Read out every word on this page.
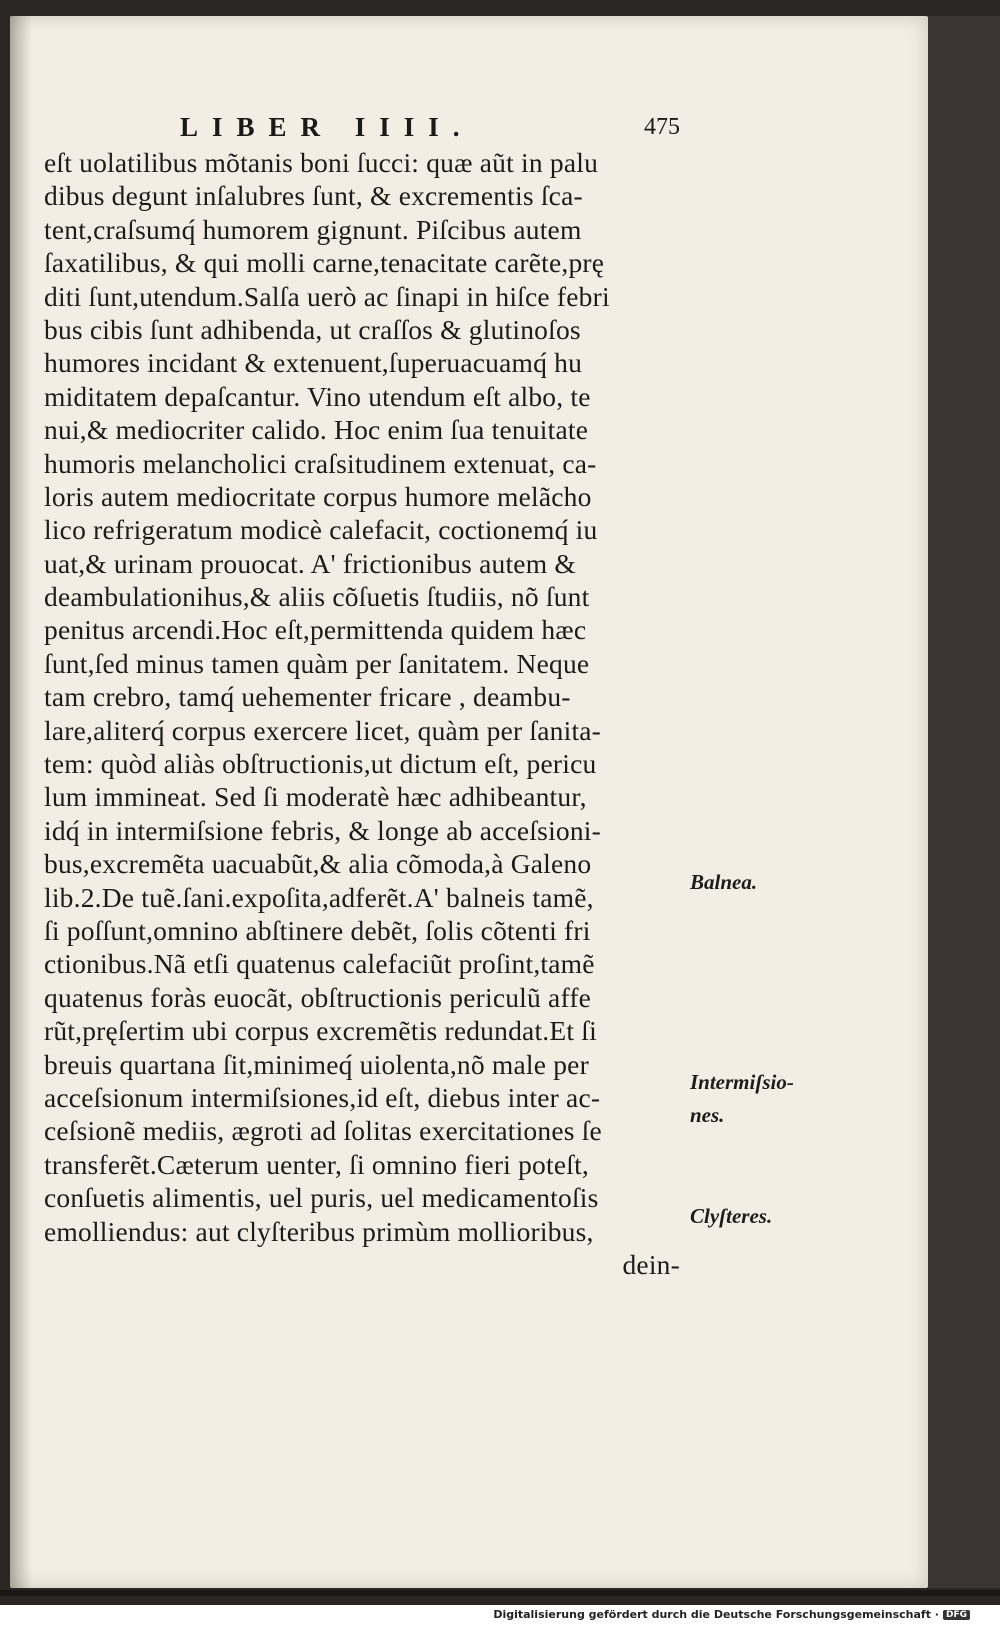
LIBER IIII.	475
eſt uolatilibus mõtanis boni ſucci: quæ aũt in palu
dibus degunt inſalubres ſunt, & excrementis ſca-
tent,craſsumq́ humorem gignunt. Piſcibus autem
ſaxatilibus, & qui molli carne,tenacitate carẽte,prę
diti ſunt,utendum.Salſa uerò ac ſinapi in hiſce febri
bus cibis ſunt adhibenda, ut craſſos & glutinoſos
humores incidant & extenuent,ſuperuacuamq́ hu
miditatem depaſcantur. Vino utendum eſt albo, te
nui,& mediocriter calido. Hoc enim ſua tenuitate
humoris melancholici craſsitudinem extenuat, ca-
loris autem mediocritate corpus humore melãcho
lico refrigeratum modicè calefacit, coctionemq́ iu
uat,& urinam prouocat. A' frictionibus autem &
deambulationihus,& aliis cõſuetis ſtudiis, nõ ſunt
penitus arcendi.Hoc eſt,permittenda quidem hæc
ſunt,ſed minus tamen quàm per ſanitatem. Neque
tam crebro, tamq́ uehementer fricare , deambu-
lare,aliterq́ corpus exercere licet, quàm per ſanita-
tem: quòd aliàs obſtructionis,ut dictum eſt, pericu
lum immineat. Sed ſi moderatè hæc adhibeantur,
idq́ in intermiſsione febris, & longe ab acceſsioni-
bus,excremẽta uacuabũt,& alia cõmoda,à Galeno
lib.2.De tuẽ.ſani.expoſita,adferẽt.A' balneis tamẽ,
ſi poſſunt,omnino abſtinere debẽt, ſolis cõtenti fri
ctionibus.Nã etſi quatenus calefaciũt proſint,tamẽ
quatenus foràs euocãt, obſtructionis periculũ affe
rũt,pręſertim ubi corpus excremẽtis redundat.Et ſi
breuis quartana ſit,minimeq́ uiolenta,nõ male per
acceſsionum intermiſsiones,id eſt, diebus inter ac-
ceſsionẽ mediis, ægroti ad ſolitas exercitationes ſe
transferẽt.Cæterum uenter, ſi omnino fieri poteſt,
conſuetis alimentis, uel puris, uel medicamentoſis
emolliendus: aut clyſteribus primùm mollioribus,
dein-
Balnea.
Intermiſsio-
nes.
Clyſteres.
Digitalisierung gefördert durch die Deutsche Forschungsgemeinschaft · DFG
